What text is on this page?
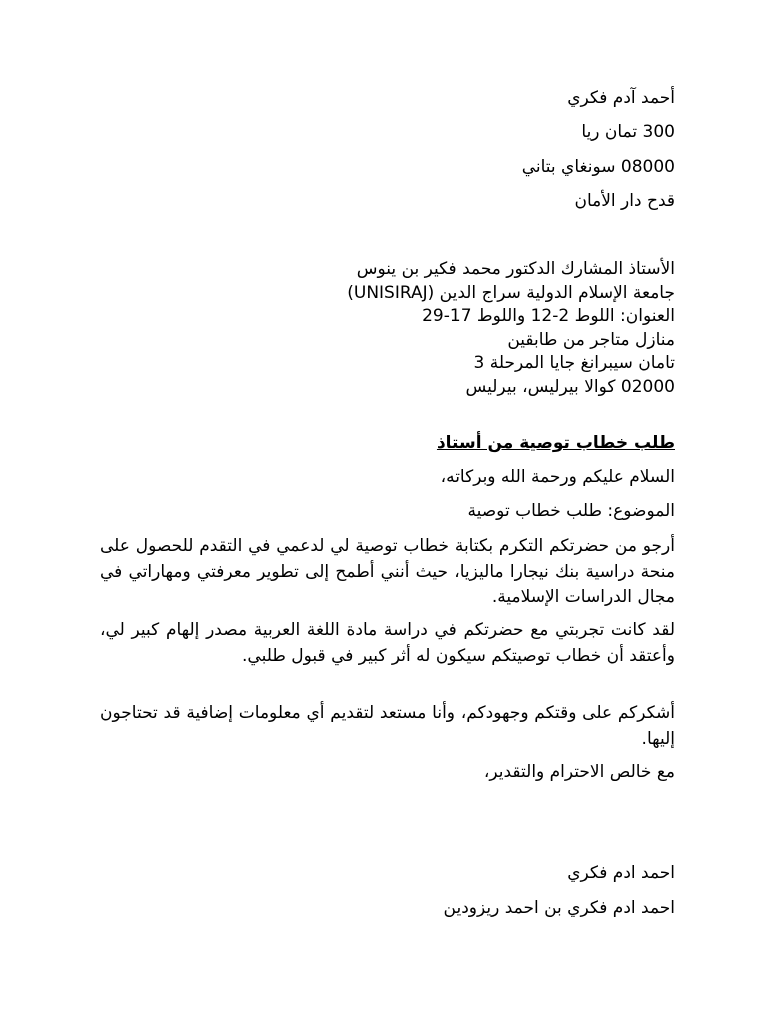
أحمد آدم فكري
300 تمان ريا
08000 سونغاي بتاني
قدح دار الأمان
الأستاذ المشارك الدكتور محمد فكير بن ينوس
جامعة الإسلام الدولية سراج الدين (UNISIRAJ)
العنوان: اللوط 2-12 واللوط 17-29
منازل متاجر من طابقين
تامان سيبرانغ جايا المرحلة 3
02000 كوالا بيرليس، بيرليس
طلب خطاب توصية من أستاذ
السلام عليكم ورحمة الله وبركاته،
الموضوع: طلب خطاب توصية
أرجو من حضرتكم التكرم بكتابة خطاب توصية لي لدعمي في التقدم للحصول على منحة دراسية بنك نيجارا ماليزيا، حيث أنني أطمح إلى تطوير معرفتي ومهاراتي في مجال الدراسات الإسلامية.
لقد كانت تجربتي مع حضرتكم في دراسة مادة اللغة العربية مصدر إلهام كبير لي، وأعتقد أن خطاب توصيتكم سيكون له أثر كبير في قبول طلبي.
أشكركم على وقتكم وجهودكم، وأنا مستعد لتقديم أي معلومات إضافية قد تحتاجون إليها.
مع خالص الاحترام والتقدير،
احمد ادم فكري
احمد ادم فكري بن احمد ريزودين
